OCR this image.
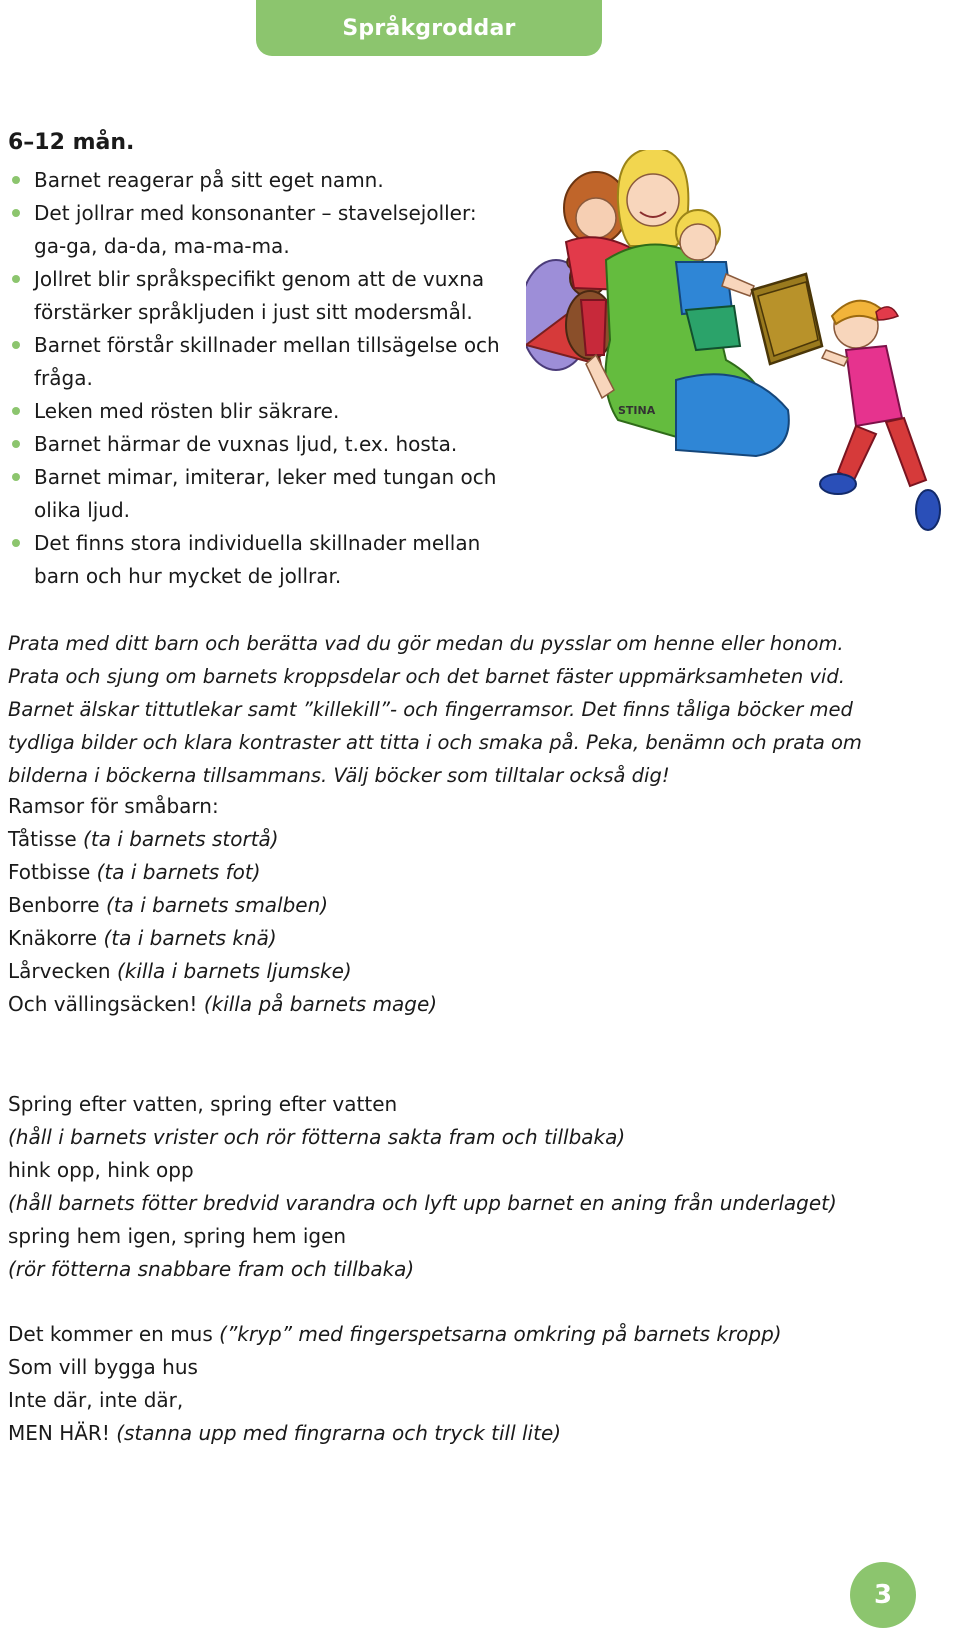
Språkgroddar
6–12 mån.
Barnet reagerar på sitt eget namn.
Det jollrar med konsonanter – stavelsejoller:
ga-ga, da-da, ma-ma-ma.
Jollret blir språkspecifikt genom att de vuxna
förstärker språkljuden i just sitt modersmål.
Barnet förstår skillnader mellan tillsägelse och
fråga.
Leken med rösten blir säkrare.
Barnet härmar de vuxnas ljud, t.ex. hosta.
Barnet mimar, imiterar, leker med tungan och
olika ljud.
Det finns stora individuella skillnader mellan
barn och hur mycket de jollrar.
STINA

Prata med ditt barn och berätta vad du gör medan du pysslar om henne eller honom.
Prata och sjung om barnets kroppsdelar och det barnet fäster uppmärksamheten vid.
Barnet älskar tittutlekar samt ”killekill”- och fingerramsor. Det finns tåliga böcker med
tydliga bilder och klara kontraster att titta i och smaka på. Peka, benämn och prata om
bilderna i böckerna tillsammans. Välj böcker som tilltalar också dig!

Ramsor för småbarn:
Tåtisse (ta i barnets stortå)
Fotbisse (ta i barnets fot)
Benborre (ta i barnets smalben)
Knäkorre (ta i barnets knä)
Lårvecken (killa i barnets ljumske)
Och vällingsäcken! (killa på barnets mage)
Spring efter vatten, spring efter vatten
(håll i barnets vrister och rör fötterna sakta fram och tillbaka)
hink opp, hink opp
(håll barnets fötter bredvid varandra och lyft upp barnet en aning från underlaget)
spring hem igen, spring hem igen
(rör fötterna snabbare fram och tillbaka)
Det kommer en mus (”kryp” med fingerspetsarna omkring på barnets kropp)
Som vill bygga hus
Inte där, inte där,
MEN HÄR! (stanna upp med fingrarna och tryck till lite)
3
